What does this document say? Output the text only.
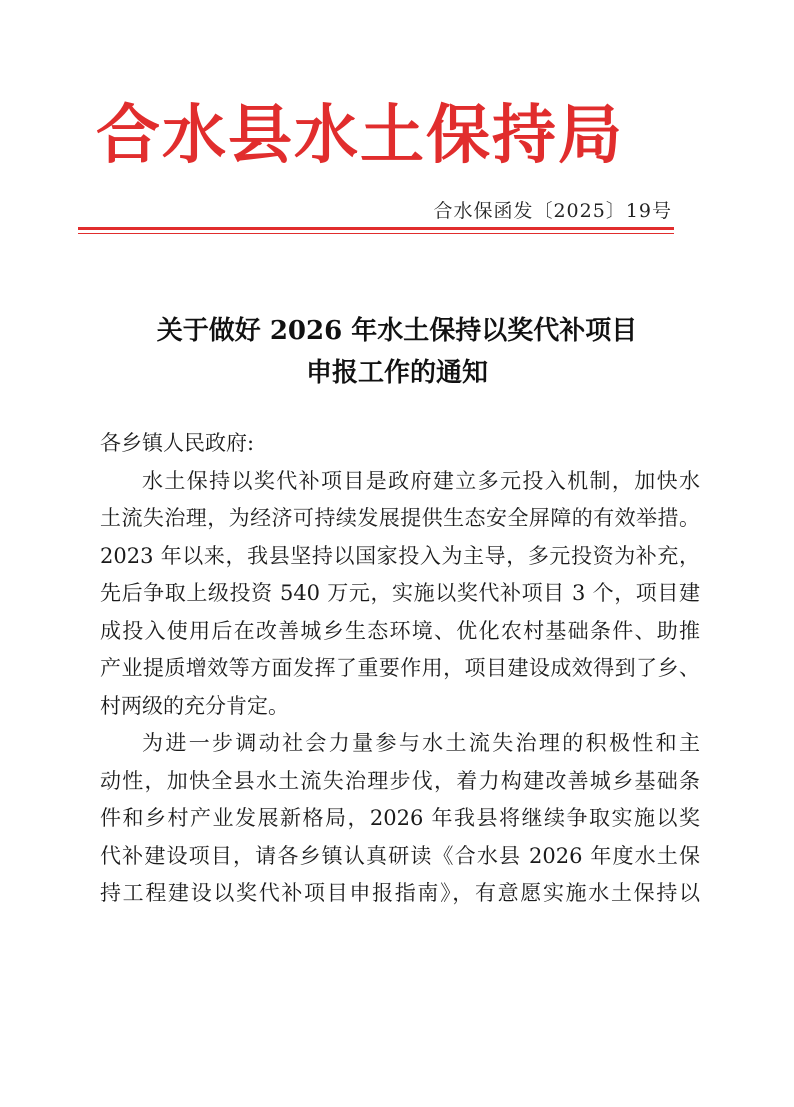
合水县水土保持局
合水保函发〔2025〕19号
关于做好 2026 年水土保持以奖代补项目
申报工作的通知
各乡镇人民政府:
水土保持以奖代补项目是政府建立多元投入机制，加快水
土流失治理，为经济可持续发展提供生态安全屏障的有效举措。
2023 年以来，我县坚持以国家投入为主导，多元投资为补充，
先后争取上级投资 540 万元，实施以奖代补项目 3 个，项目建
成投入使用后在改善城乡生态环境、优化农村基础条件、助推
产业提质增效等方面发挥了重要作用，项目建设成效得到了乡、
村两级的充分肯定。
为进一步调动社会力量参与水土流失治理的积极性和主
动性，加快全县水土流失治理步伐，着力构建改善城乡基础条
件和乡村产业发展新格局，2026 年我县将继续争取实施以奖
代补建设项目，请各乡镇认真研读《合水县 2026 年度水土保
持工程建设以奖代补项目申报指南》，有意愿实施水土保持以
